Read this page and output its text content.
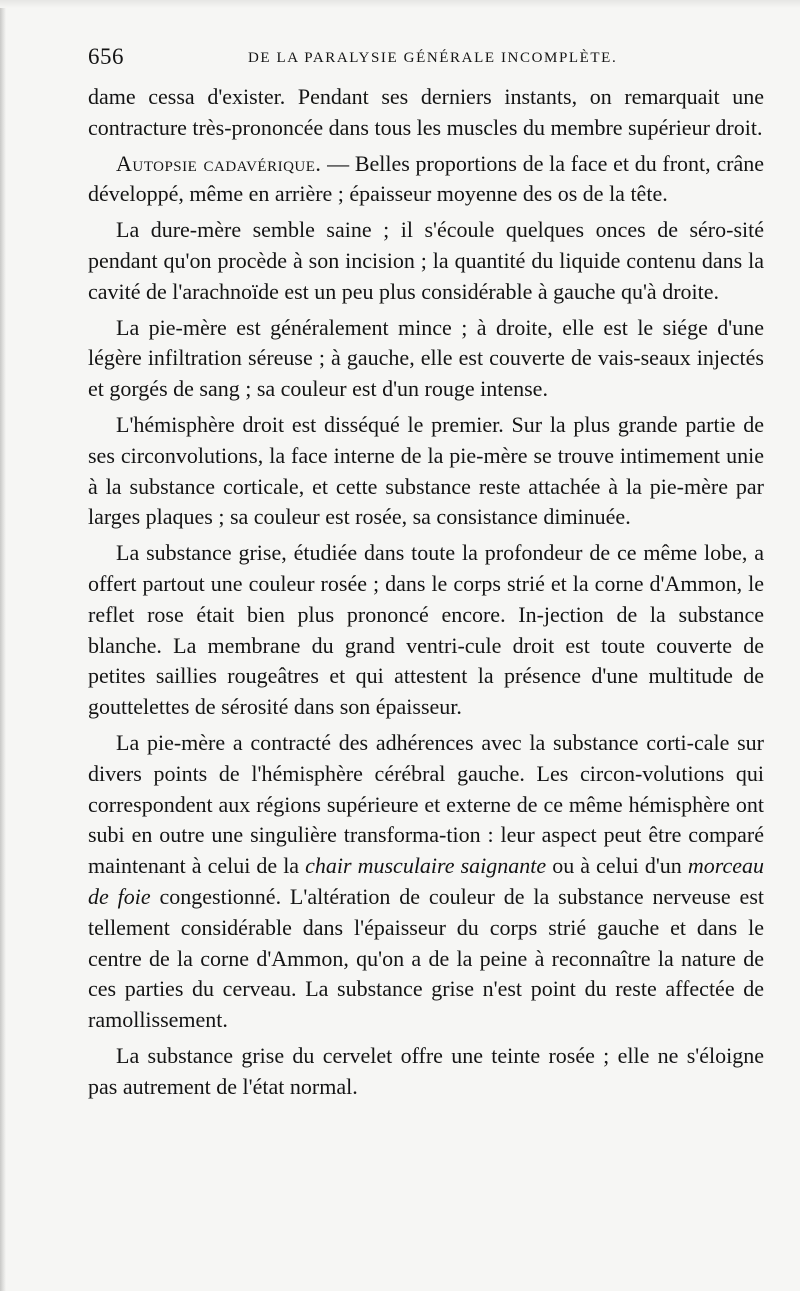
656	DE LA PARALYSIE GÉNÉRALE INCOMPLÈTE.

dame cessa d'exister. Pendant ses derniers instants, on remarquait une contracture très-prononcée dans tous les muscles du membre supérieur droit.

Autopsie cadavérique. — Belles proportions de la face et du front, crâne développé, même en arrière ; épaisseur moyenne des os de la tête.

La dure-mère semble saine ; il s'écoule quelques onces de séro-sité pendant qu'on procède à son incision ; la quantité du liquide contenu dans la cavité de l'arachnoïde est un peu plus considérable à gauche qu'à droite.

La pie-mère est généralement mince ; à droite, elle est le siége d'une légère infiltration séreuse ; à gauche, elle est couverte de vais-seaux injectés et gorgés de sang ; sa couleur est d'un rouge intense.

L'hémisphère droit est disséqué le premier. Sur la plus grande partie de ses circonvolutions, la face interne de la pie-mère se trouve intimement unie à la substance corticale, et cette substance reste attachée à la pie-mère par larges plaques ; sa couleur est rosée, sa consistance diminuée.

La substance grise, étudiée dans toute la profondeur de ce même lobe, a offert partout une couleur rosée ; dans le corps strié et la corne d'Ammon, le reflet rose était bien plus prononcé encore. In-jection de la substance blanche. La membrane du grand ventri-cule droit est toute couverte de petites saillies rougeâtres et qui attestent la présence d'une multitude de gouttelettes de sérosité dans son épaisseur.

La pie-mère a contracté des adhérences avec la substance corti-cale sur divers points de l'hémisphère cérébral gauche. Les circon-volutions qui correspondent aux régions supérieure et externe de ce même hémisphère ont subi en outre une singulière transforma-tion : leur aspect peut être comparé maintenant à celui de la chair musculaire saignante ou à celui d'un morceau de foie congestionné. L'altération de couleur de la substance nerveuse est tellement considérable dans l'épaisseur du corps strié gauche et dans le centre de la corne d'Ammon, qu'on a de la peine à reconnaître la nature de ces parties du cerveau. La substance grise n'est point du reste affectée de ramollissement.

La substance grise du cervelet offre une teinte rosée ; elle ne s'éloigne pas autrement de l'état normal.
